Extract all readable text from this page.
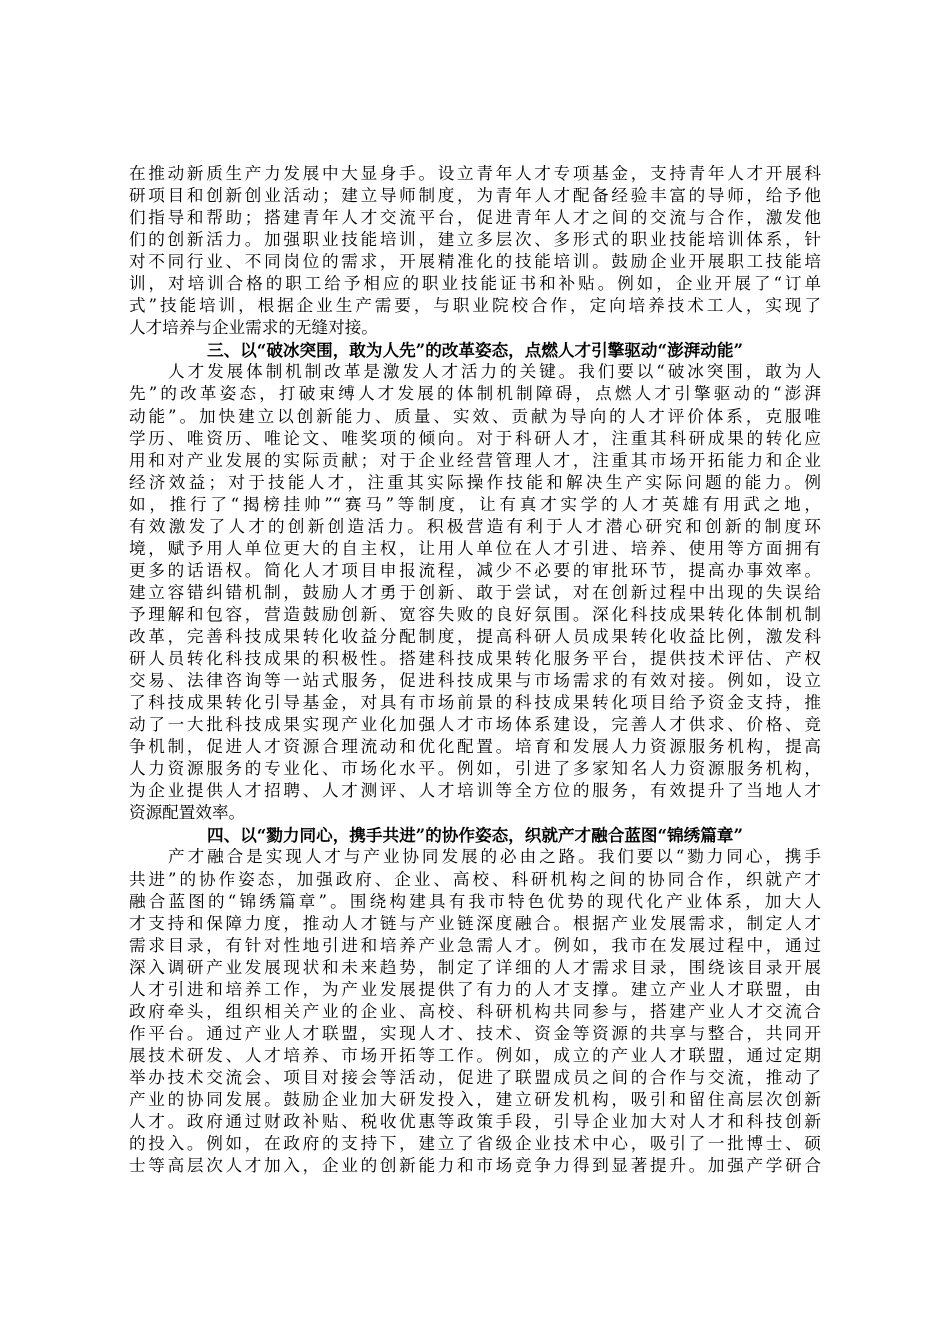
在推动新质生产力发展中大显身手。设立青年人才专项基金，支持青年人才开展科
研项目和创新创业活动；建立导师制度，为青年人才配备经验丰富的导师，给予他
们指导和帮助；搭建青年人才交流平台，促进青年人才之间的交流与合作，激发他
们的创新活力。加强职业技能培训，建立多层次、多形式的职业技能培训体系，针
对不同行业、不同岗位的需求，开展精准化的技能培训。鼓励企业开展职工技能培
训，对培训合格的职工给予相应的职业技能证书和补贴。例如，企业开展了“订单
式”技能培训，根据企业生产需要，与职业院校合作，定向培养技术工人，实现了
人才培养与企业需求的无缝对接。
三、以“破冰突围，敢为人先”的改革姿态，点燃人才引擎驱动“澎湃动能”
　　人才发展体制机制改革是激发人才活力的关键。我们要以“破冰突围，敢为人
先”的改革姿态，打破束缚人才发展的体制机制障碍，点燃人才引擎驱动的“澎湃
动能”。加快建立以创新能力、质量、实效、贡献为导向的人才评价体系，克服唯
学历、唯资历、唯论文、唯奖项的倾向。对于科研人才，注重其科研成果的转化应
用和对产业发展的实际贡献；对于企业经营管理人才，注重其市场开拓能力和企业
经济效益；对于技能人才，注重其实际操作技能和解决生产实际问题的能力。例
如，推行了“揭榜挂帅”“赛马”等制度，让有真才实学的人才英雄有用武之地，
有效激发了人才的创新创造活力。积极营造有利于人才潜心研究和创新的制度环
境，赋予用人单位更大的自主权，让用人单位在人才引进、培养、使用等方面拥有
更多的话语权。简化人才项目申报流程，减少不必要的审批环节，提高办事效率。
建立容错纠错机制，鼓励人才勇于创新、敢于尝试，对在创新过程中出现的失误给
予理解和包容，营造鼓励创新、宽容失败的良好氛围。深化科技成果转化体制机制
改革，完善科技成果转化收益分配制度，提高科研人员成果转化收益比例，激发科
研人员转化科技成果的积极性。搭建科技成果转化服务平台，提供技术评估、产权
交易、法律咨询等一站式服务，促进科技成果与市场需求的有效对接。例如，设立
了科技成果转化引导基金，对具有市场前景的科技成果转化项目给予资金支持，推
动了一大批科技成果实现产业化加强人才市场体系建设，完善人才供求、价格、竞
争机制，促进人才资源合理流动和优化配置。培育和发展人力资源服务机构，提高
人力资源服务的专业化、市场化水平。例如，引进了多家知名人力资源服务机构，
为企业提供人才招聘、人才测评、人才培训等全方位的服务，有效提升了当地人才
资源配置效率。
四、以“勠力同心，携手共进”的协作姿态，织就产才融合蓝图“锦绣篇章”
　　产才融合是实现人才与产业协同发展的必由之路。我们要以“勠力同心，携手
共进”的协作姿态，加强政府、企业、高校、科研机构之间的协同合作，织就产才
融合蓝图的“锦绣篇章”。围绕构建具有我市特色优势的现代化产业体系，加大人
才支持和保障力度，推动人才链与产业链深度融合。根据产业发展需求，制定人才
需求目录，有针对性地引进和培养产业急需人才。例如，我市在发展过程中，通过
深入调研产业发展现状和未来趋势，制定了详细的人才需求目录，围绕该目录开展
人才引进和培养工作，为产业发展提供了有力的人才支撑。建立产业人才联盟，由
政府牵头，组织相关产业的企业、高校、科研机构共同参与，搭建产业人才交流合
作平台。通过产业人才联盟，实现人才、技术、资金等资源的共享与整合，共同开
展技术研发、人才培养、市场开拓等工作。例如，成立的产业人才联盟，通过定期
举办技术交流会、项目对接会等活动，促进了联盟成员之间的合作与交流，推动了
产业的协同发展。鼓励企业加大研发投入，建立研发机构，吸引和留住高层次创新
人才。政府通过财政补贴、税收优惠等政策手段，引导企业加大对人才和科技创新
的投入。例如，在政府的支持下，建立了省级企业技术中心，吸引了一批博士、硕
士等高层次人才加入，企业的创新能力和市场竞争力得到显著提升。加强产学研合
